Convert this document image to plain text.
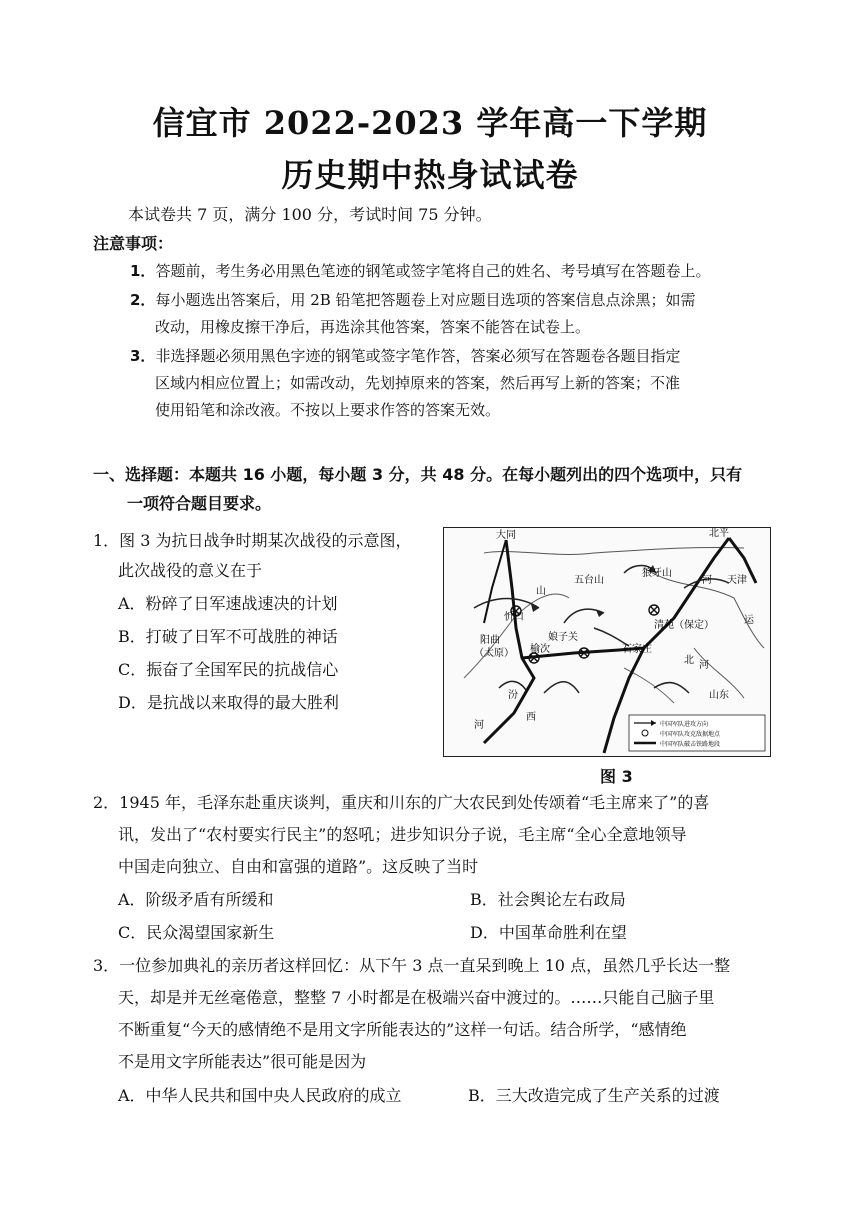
信宜市 2022-2023 学年高一下学期
历史期中热身试试卷
本试卷共 7 页，满分 100 分，考试时间 75 分钟。
注意事项：
1．答题前，考生务必用黑色笔迹的钢笔或签字笔将自己的姓名、考号填写在答题卷上。
2．每小题选出答案后，用 2B 铅笔把答题卷上对应题目选项的答案信息点涂黑；如需
改动，用橡皮擦干净后，再选涂其他答案，答案不能答在试卷上。
3．非选择题必须用黑色字迹的钢笔或签字笔作答，答案必须写在答题卷各题目指定
区域内相应位置上；如需改动，先划掉原来的答案，然后再写上新的答案；不准
使用铅笔和涂改液。不按以上要求作答的答案无效。
一、选择题：本题共 16 小题，每小题 3 分，共 48 分。在每小题列出的四个选项中，只有
一项符合题目要求。
1．图 3 为抗日战争时期某次战役的示意图，
此次战役的意义在于
A．粉碎了日军速战速决的计划
B．打破了日军不可战胜的神话
C．振奋了全国军民的抗战信心
D．是抗战以来取得的最大胜利
大同	北平
五台山
狼牙山
天津
山
河
忻口
清苑（保定）	运
阳曲
（太原）
娘子关
榆次	石家庄
北 河
山东
汾
河
西
中国军队进攻方向
中国军队攻克敌据地点
中国军队破击铁路地段
图 3
2．1945 年，毛泽东赴重庆谈判，重庆和川东的广大农民到处传颂着“毛主席来了”的喜
讯，发出了“农村要实行民主”的怒吼；进步知识分子说，毛主席“全心全意地领导
中国走向独立、自由和富强的道路”。这反映了当时
A．阶级矛盾有所缓和	B．社会舆论左右政局
C．民众渴望国家新生	D．中国革命胜利在望
3．一位参加典礼的亲历者这样回忆：从下午 3 点一直呆到晚上 10 点，虽然几乎长达一整
天，却是并无丝毫倦意，整整 7 小时都是在极端兴奋中渡过的。……只能自己脑子里
不断重复“今天的感情绝不是用文字所能表达的”这样一句话。结合所学，“感情绝
不是用文字所能表达”很可能是因为
A．中华人民共和国中央人民政府的成立	B．三大改造完成了生产关系的过渡
